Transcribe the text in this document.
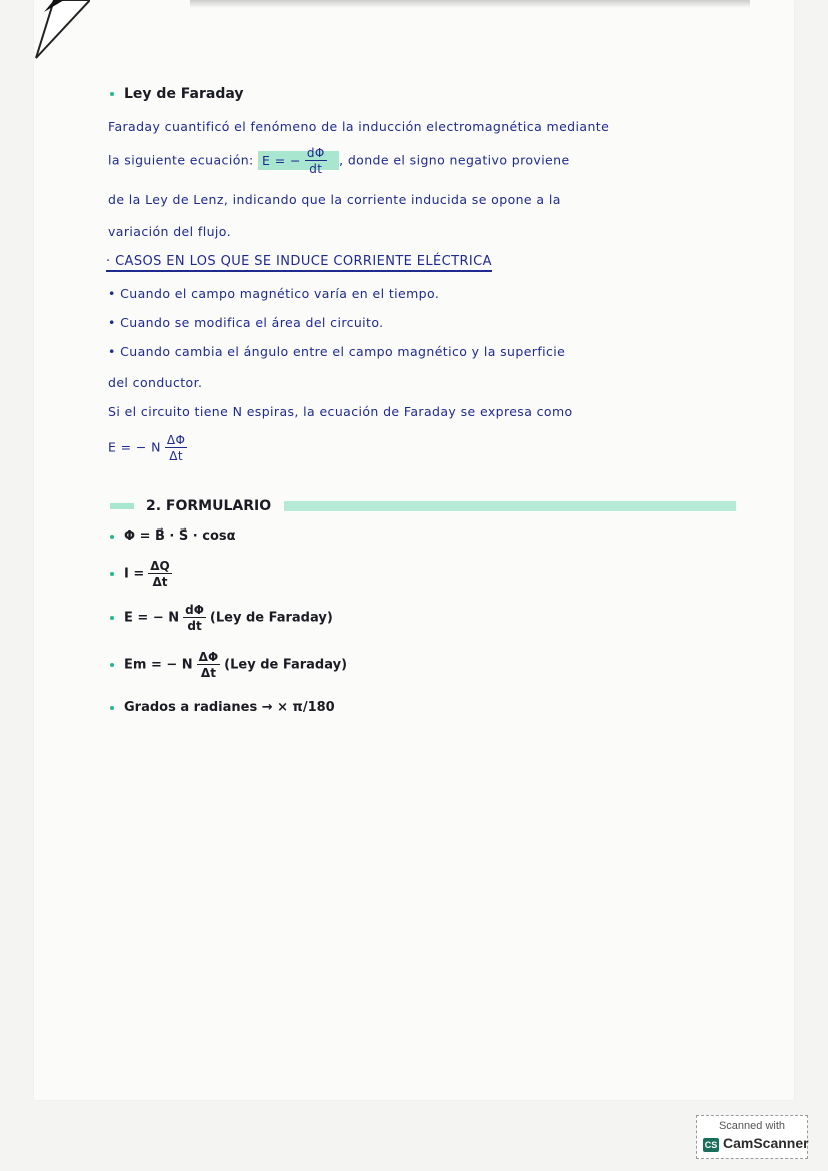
Ley de Faraday
Faraday cuantificó el fenómeno de la inducción electromagnética mediante
la siguiente ecuación: E = − $\frac{d\Phi}{dt}$ , donde el signo negativo proviene
de la Ley de Lenz, indicando que la corriente inducida se opone a la
variación del flujo.
· CASOS EN LOS QUE SE INDUCE CORRIENTE ELÉCTRICA
• Cuando el campo magnético varía en el tiempo.
• Cuando se modifica el área del circuito.
• Cuando cambia el ángulo entre el campo magnético y la superficie
del conductor.
Si el circuito tiene N espiras, la ecuación de Faraday se expresa como
E = − N $\frac{\Delta\Phi}{\Delta t}$
2. FORMULARIO
Φ = B⃗ · S⃗ · cosα
$I = \frac{\Delta Q}{\Delta t}$
E = − N $\frac{d\Phi}{dt} (Ley$ de Faraday)
Em = − N $\frac{\Delta\Phi}{\Delta t} (Ley$ de Faraday)
Grados a radianes → × π/180
Scanned with
CS CamScanner
